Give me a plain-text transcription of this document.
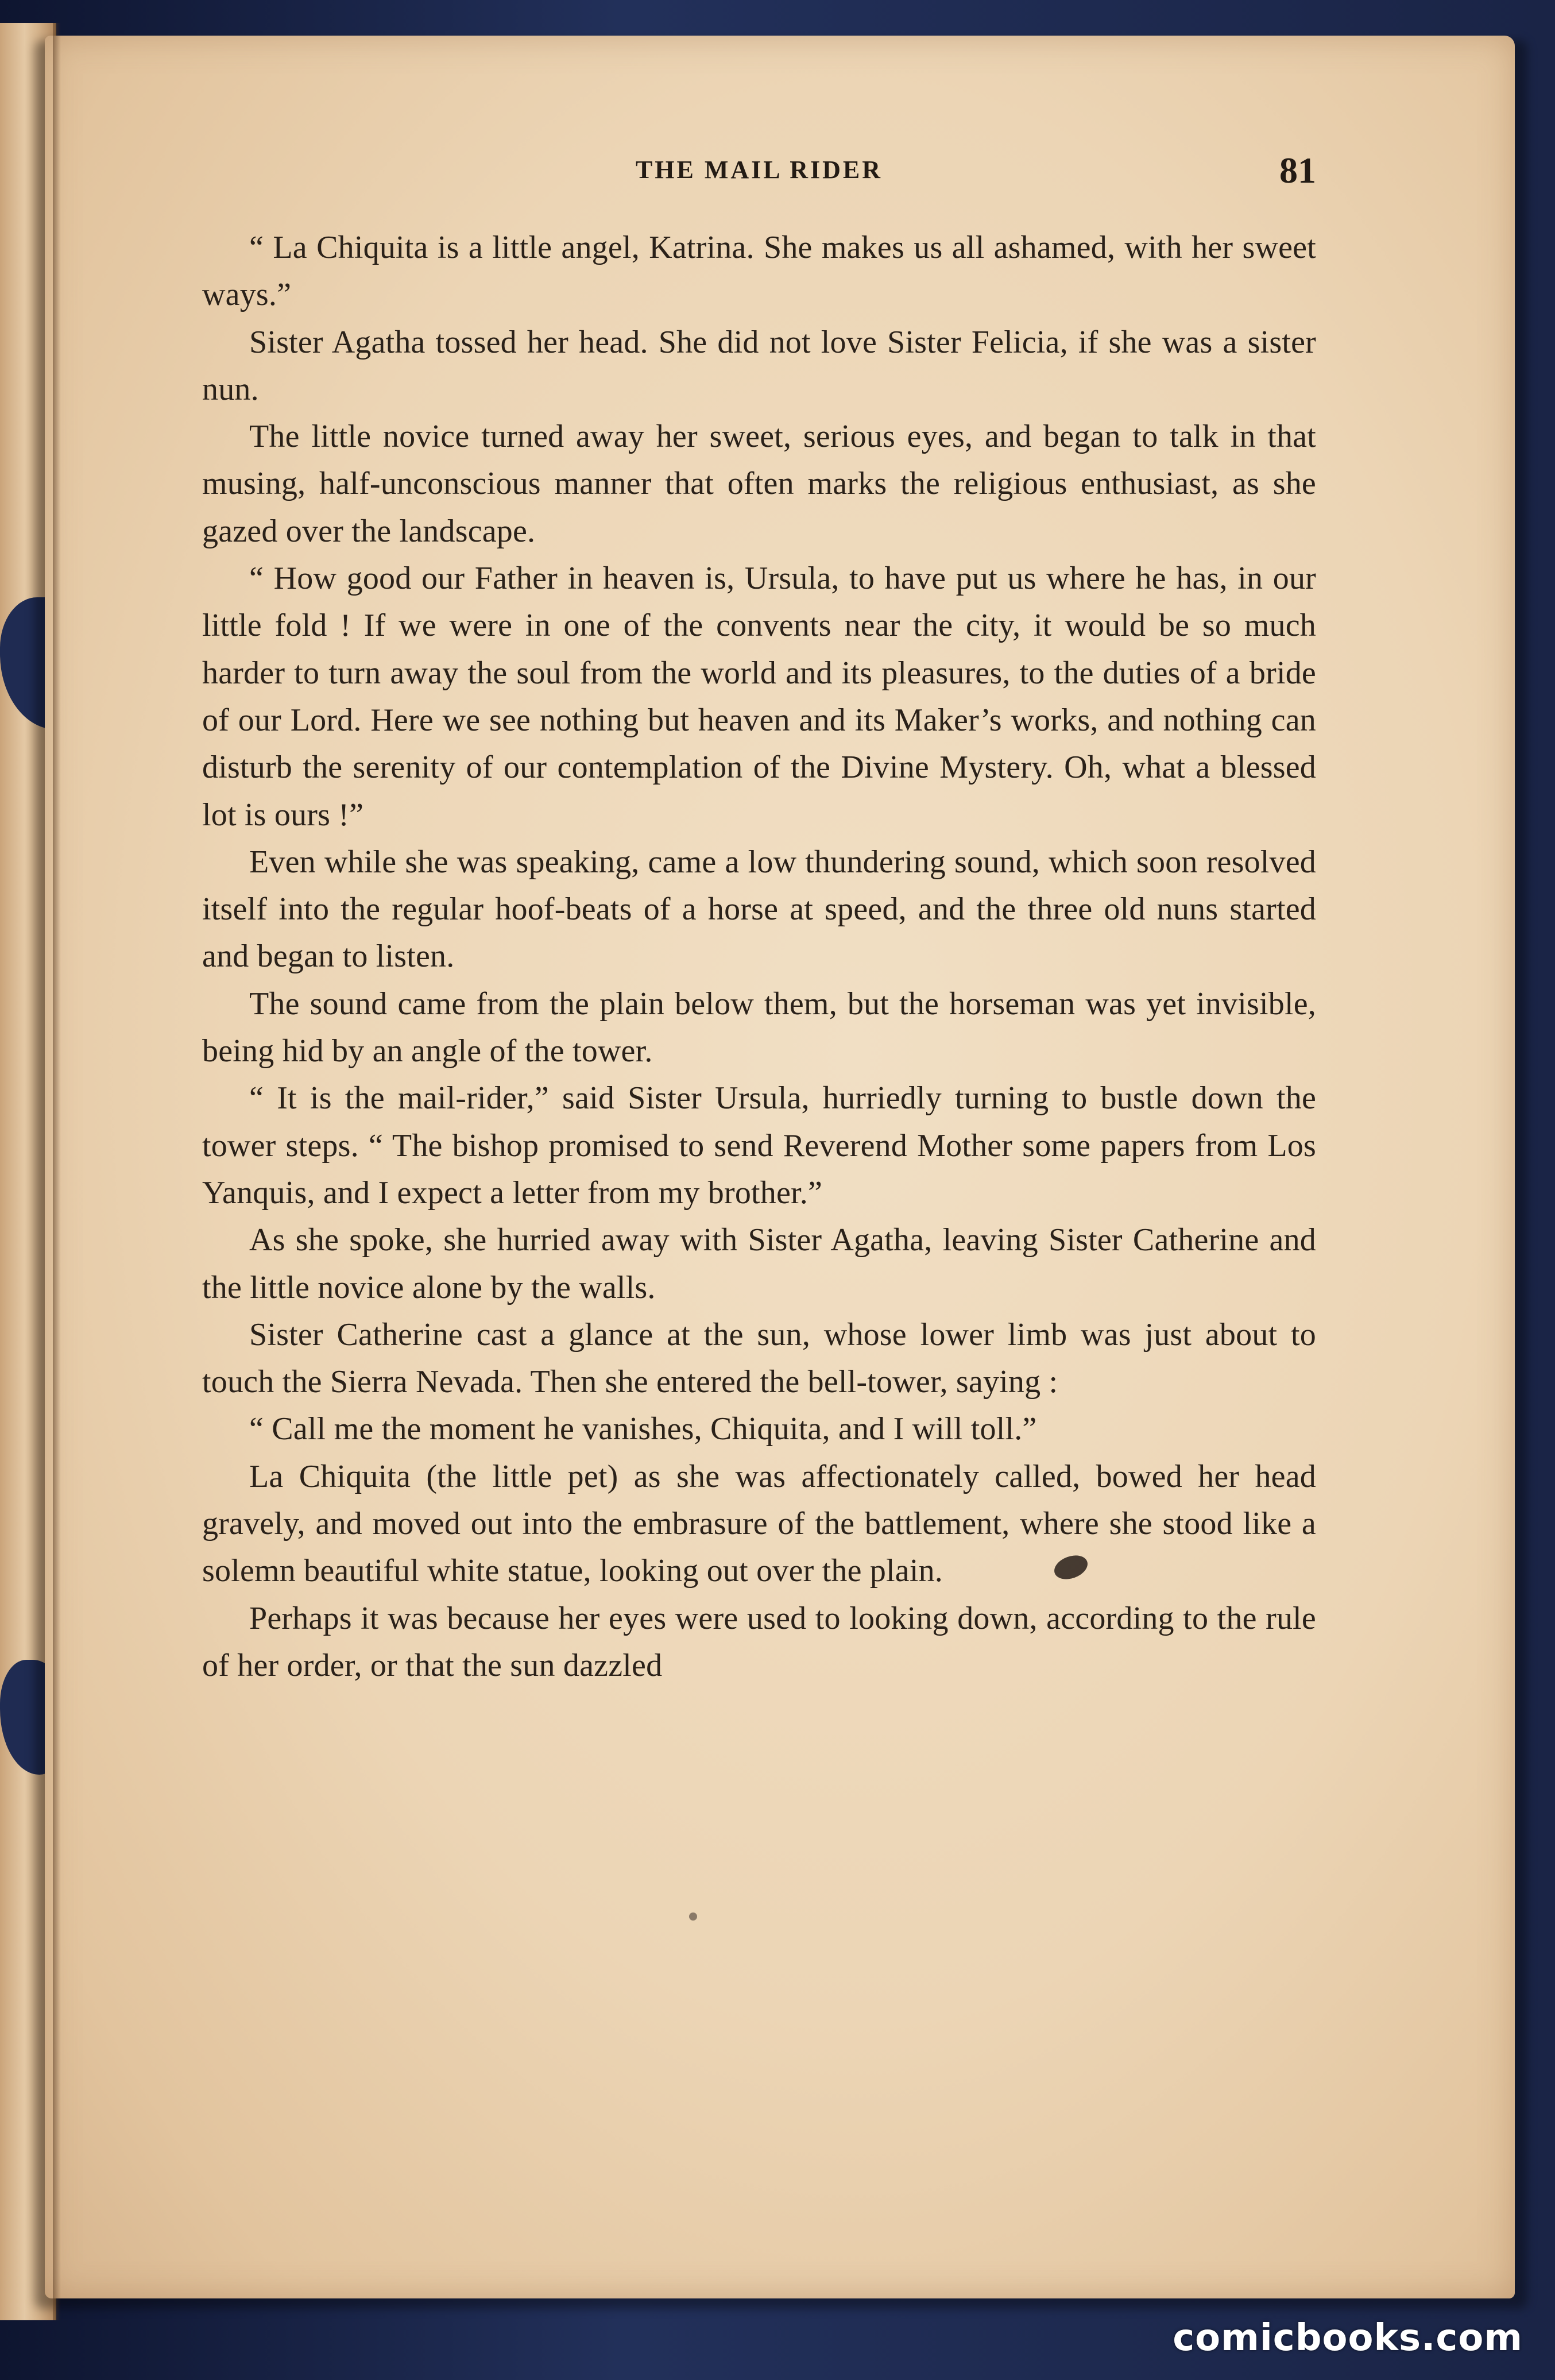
THE MAIL RIDER	81

“ La Chiquita is a little angel, Katrina. She makes us all ashamed, with her sweet ways.”

Sister Agatha tossed her head. She did not love Sister Felicia, if she was a sister nun.

The little novice turned away her sweet, serious eyes, and began to talk in that musing, half-unconscious manner that often marks the religious enthusiast, as she gazed over the landscape.

“ How good our Father in heaven is, Ursula, to have put us where he has, in our little fold ! If we were in one of the convents near the city, it would be so much harder to turn away the soul from the world and its pleasures, to the duties of a bride of our Lord. Here we see nothing but heaven and its Maker’s works, and nothing can disturb the serenity of our contemplation of the Divine Mystery. Oh, what a blessed lot is ours !”

Even while she was speaking, came a low thundering sound, which soon resolved itself into the regular hoof-beats of a horse at speed, and the three old nuns started and began to listen.

The sound came from the plain below them, but the horseman was yet invisible, being hid by an angle of the tower.

“ It is the mail-rider,” said Sister Ursula, hurriedly turning to bustle down the tower steps. “ The bishop promised to send Reverend Mother some papers from Los Yanquis, and I expect a letter from my brother.”

As she spoke, she hurried away with Sister Agatha, leaving Sister Catherine and the little novice alone by the walls.

Sister Catherine cast a glance at the sun, whose lower limb was just about to touch the Sierra Nevada. Then she entered the bell-tower, saying :

“ Call me the moment he vanishes, Chiquita, and I will toll.”

La Chiquita (the little pet) as she was affectionately called, bowed her head gravely, and moved out into the embrasure of the battlement, where she stood like a solemn beautiful white statue, looking out over the plain.

Perhaps it was because her eyes were used to looking down, according to the rule of her order, or that the sun dazzled

comicbooks.com
